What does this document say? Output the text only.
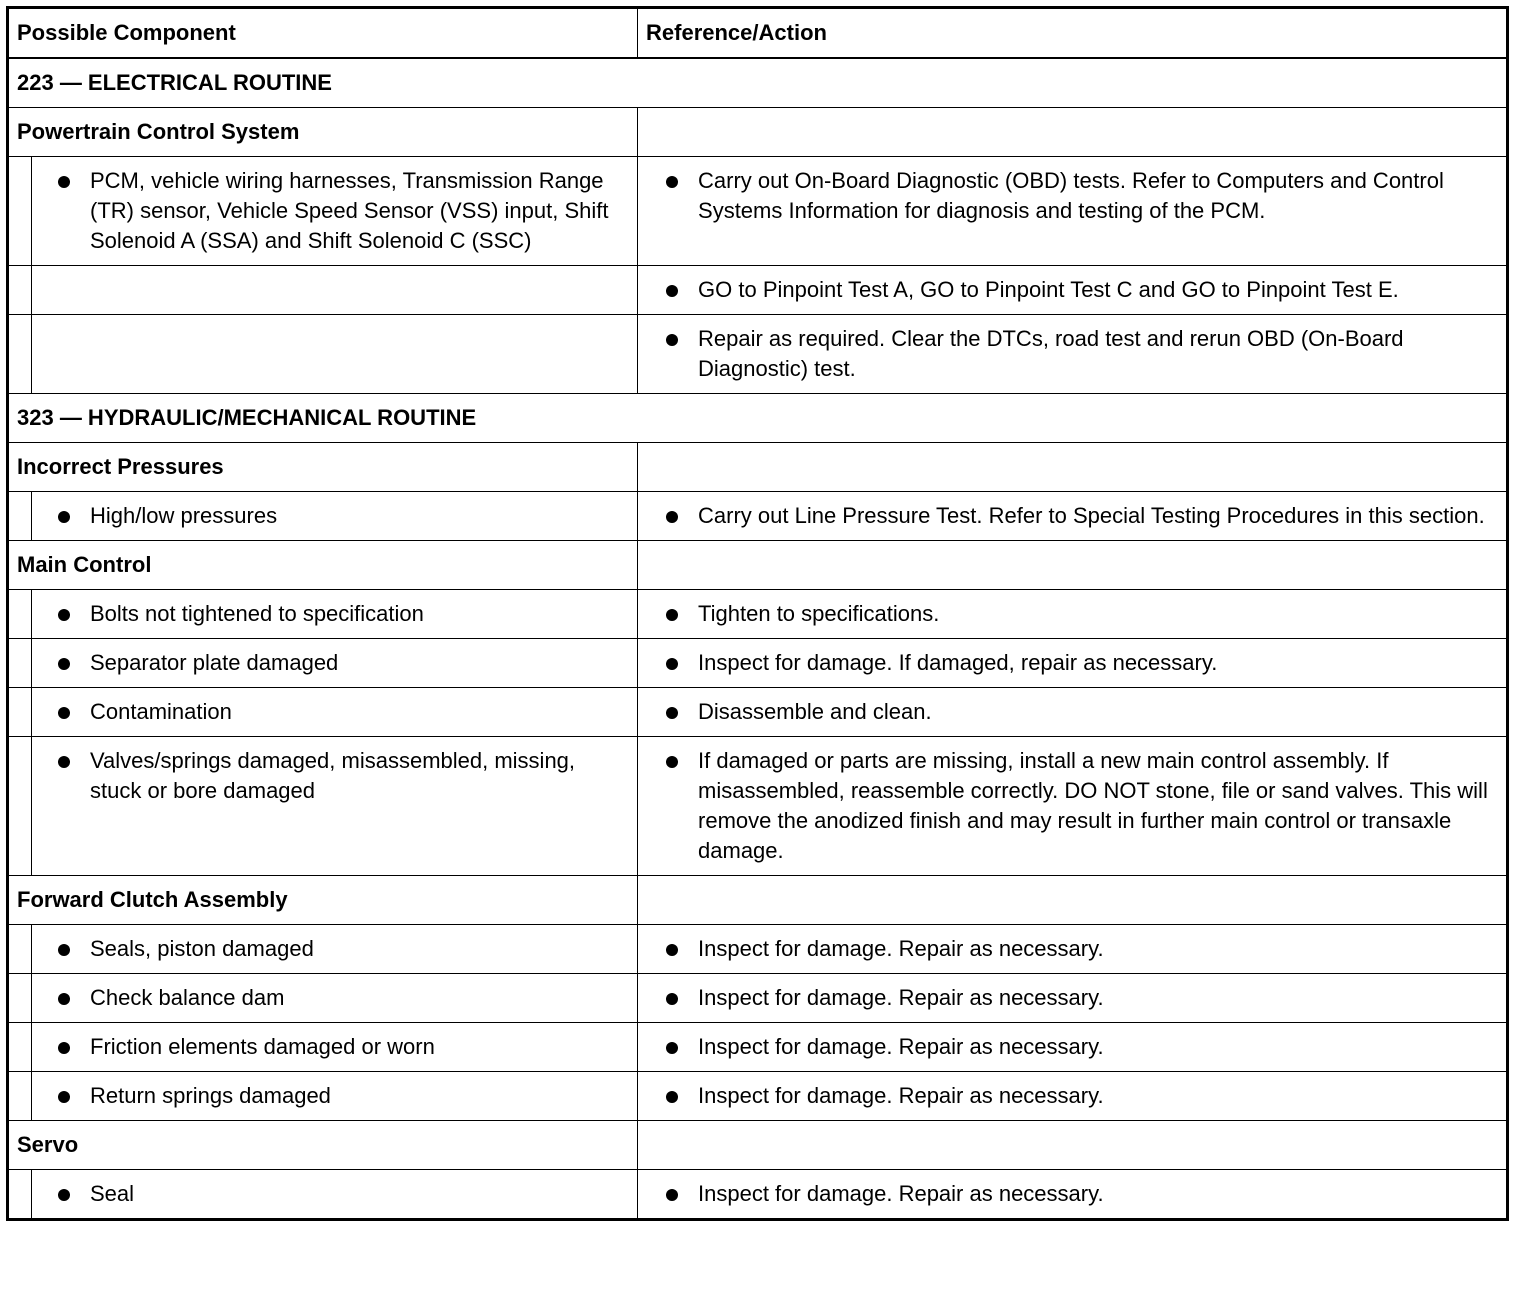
Possible Component		Reference/Action
223 — ELECTRICAL ROUTINE		
Powertrain Control System		

	PCM, vehicle wiring harnesses, Transmission Range (TR) sensor, Vehicle Speed Sensor (VSS) input, Shift Solenoid A (SSA) and Shift Solenoid C (SSC)	Carry out On-Board Diagnostic (OBD) tests. Refer to Computers and Control Systems Information for diagnosis and testing of the PCM.

		GO to Pinpoint Test A, GO to Pinpoint Test C and GO to Pinpoint Test E.

		Repair as required. Clear the DTCs, road test and rerun OBD (On-Board Diagnostic) test.

323 — HYDRAULIC/MECHANICAL ROUTINE		
Incorrect Pressures		

	High/low pressures	Carry out Line Pressure Test. Refer to Special Testing Procedures in this section.

Main Control		

	Bolts not tightened to specification	Tighten to specifications.

	Separator plate damaged	Inspect for damage. If damaged, repair as necessary.

	Contamination	Disassemble and clean.

	Valves/springs damaged, misassembled, missing, stuck or bore damaged	If damaged or parts are missing, install a new main control assembly. If misassembled, reassemble correctly. DO NOT stone, file or sand valves. This will remove the anodized finish and may result in further main control or transaxle damage.

Forward Clutch Assembly		

	Seals, piston damaged	Inspect for damage. Repair as necessary.

	Check balance dam	Inspect for damage. Repair as necessary.

	Friction elements damaged or worn	Inspect for damage. Repair as necessary.

	Return springs damaged	Inspect for damage. Repair as necessary.

Servo		

	Seal	Inspect for damage. Repair as necessary.
